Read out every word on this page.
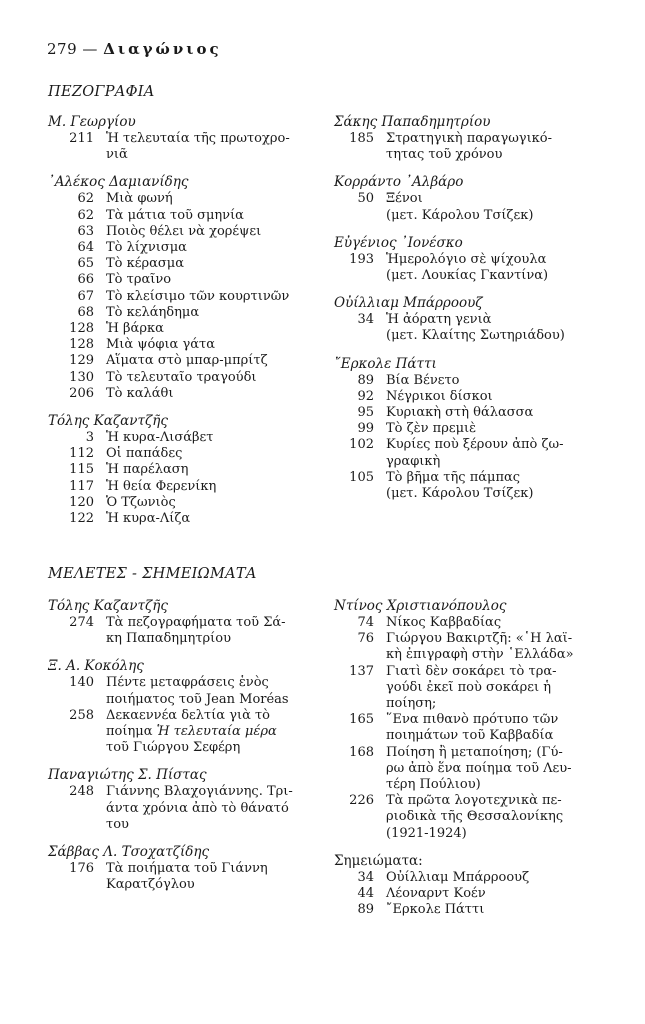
279 — Διαγώνιος
ΠΕΖΟΓΡΑΦΙΑ
Μ. Γεωργίου
211 Ἡ τελευταία τῆς πρωτοχρο-
νιᾶ
᾿Αλέκος Δαμιανίδης
62 Μιὰ φωνή
62 Τὰ μάτια τοῦ σμηνία
63 Ποιὸς θέλει νὰ χορέψει
64 Τὸ λίχνισμα
65 Τὸ κέρασμα
66 Τὸ τραῖνο
67 Τὸ κλείσιμο τῶν κουρτινῶν
68 Τὸ κελάηδημα
128 Ἡ βάρκα
128 Μιὰ ψόφια γάτα
129 Αἵματα στὸ μπαρ-μπρίτζ
130 Τὸ τελευταῖο τραγούδι
206 Τὸ καλάθι
Τόλης Καζαντζῆς
3 Ἡ κυρα-Λισάβετ
112 Οἱ παπάδες
115 Ἡ παρέλαση
117 Ἡ θεία Φερενίκη
120 Ὁ Τζωνιὸς
122 Ἡ κυρα-Λίζα
Σάκης Παπαδημητρίου
185 Στρατηγικὴ παραγωγικό-
τητας τοῦ χρόνου
Κορράντο ᾿Αλβάρο
50 Ξένοι
(μετ. Κάρολου Τσίζεκ)
Εὐγένιος ᾿Ιονέσκο
193 Ἡμερολόγιο σὲ ψίχουλα
(μετ. Λουκίας Γκαντίνα)
Οὐίλλιαμ Μπάρροουζ
34 Ἡ ἀόρατη γενιὰ
(μετ. Κλαίτης Σωτηριάδου)
῎Ερκολε Πάττι
89 Βία Βένετο
92 Νέγρικοι δίσκοι
95 Κυριακὴ στὴ θάλασσα
99 Τὸ ζὲν πρεμιὲ
102 Κυρίες ποὺ ξέρουν ἀπὸ ζω-
γραφικὴ
105 Τὸ βῆμα τῆς πάμπας
(μετ. Κάρολου Τσίζεκ)
ΜΕΛΕΤΕΣ - ΣΗΜΕΙΩΜΑΤΑ
Τόλης Καζαντζῆς
274 Τὰ πεζογραφήματα τοῦ Σά-
κη Παπαδημητρίου
Ξ. Α. Κοκόλης
140 Πέντε μεταφράσεις ἑνὸς
ποιήματος τοῦ Jean Moréas
258 Δεκαεννέα δελτία γιὰ τὸ
ποίημα Ἡ τελευταία μέρα
τοῦ Γιώργου Σεφέρη
Παναγιώτης Σ. Πίστας
248 Γιάννης Βλαχογιάννης. Τρι-
άντα χρόνια ἀπὸ τὸ θάνατό
του
Σάββας Λ. Τσοχατζίδης
176 Τὰ ποιήματα τοῦ Γιάννη
Καρατζόγλου
Ντίνος Χριστιανόπουλος
74 Νίκος Καββαδίας
76 Γιώργου Βακιρτζῆ: «῾Η λαϊ-
κὴ ἐπιγραφὴ στὴν ῾Ελλάδα»
137 Γιατὶ δὲν σοκάρει τὸ τρα-
γούδι ἐκεῖ ποὺ σοκάρει ἡ
ποίηση;
165 ῞Ενα πιθανὸ πρότυπο τῶν
ποιημάτων τοῦ Καββαδία
168 Ποίηση ἢ μεταποίηση; (Γύ-
ρω ἀπὸ ἕνα ποίημα τοῦ Λευ-
τέρη Πούλιου)
226 Τὰ πρῶτα λογοτεχνικὰ πε-
ριοδικὰ τῆς Θεσσαλονίκης
(1921-1924)
Σημειώματα:
34 Οὐίλλιαμ Μπάρροουζ
44 Λέοναρντ Κοέν
89 ῎Ερκολε Πάττι
